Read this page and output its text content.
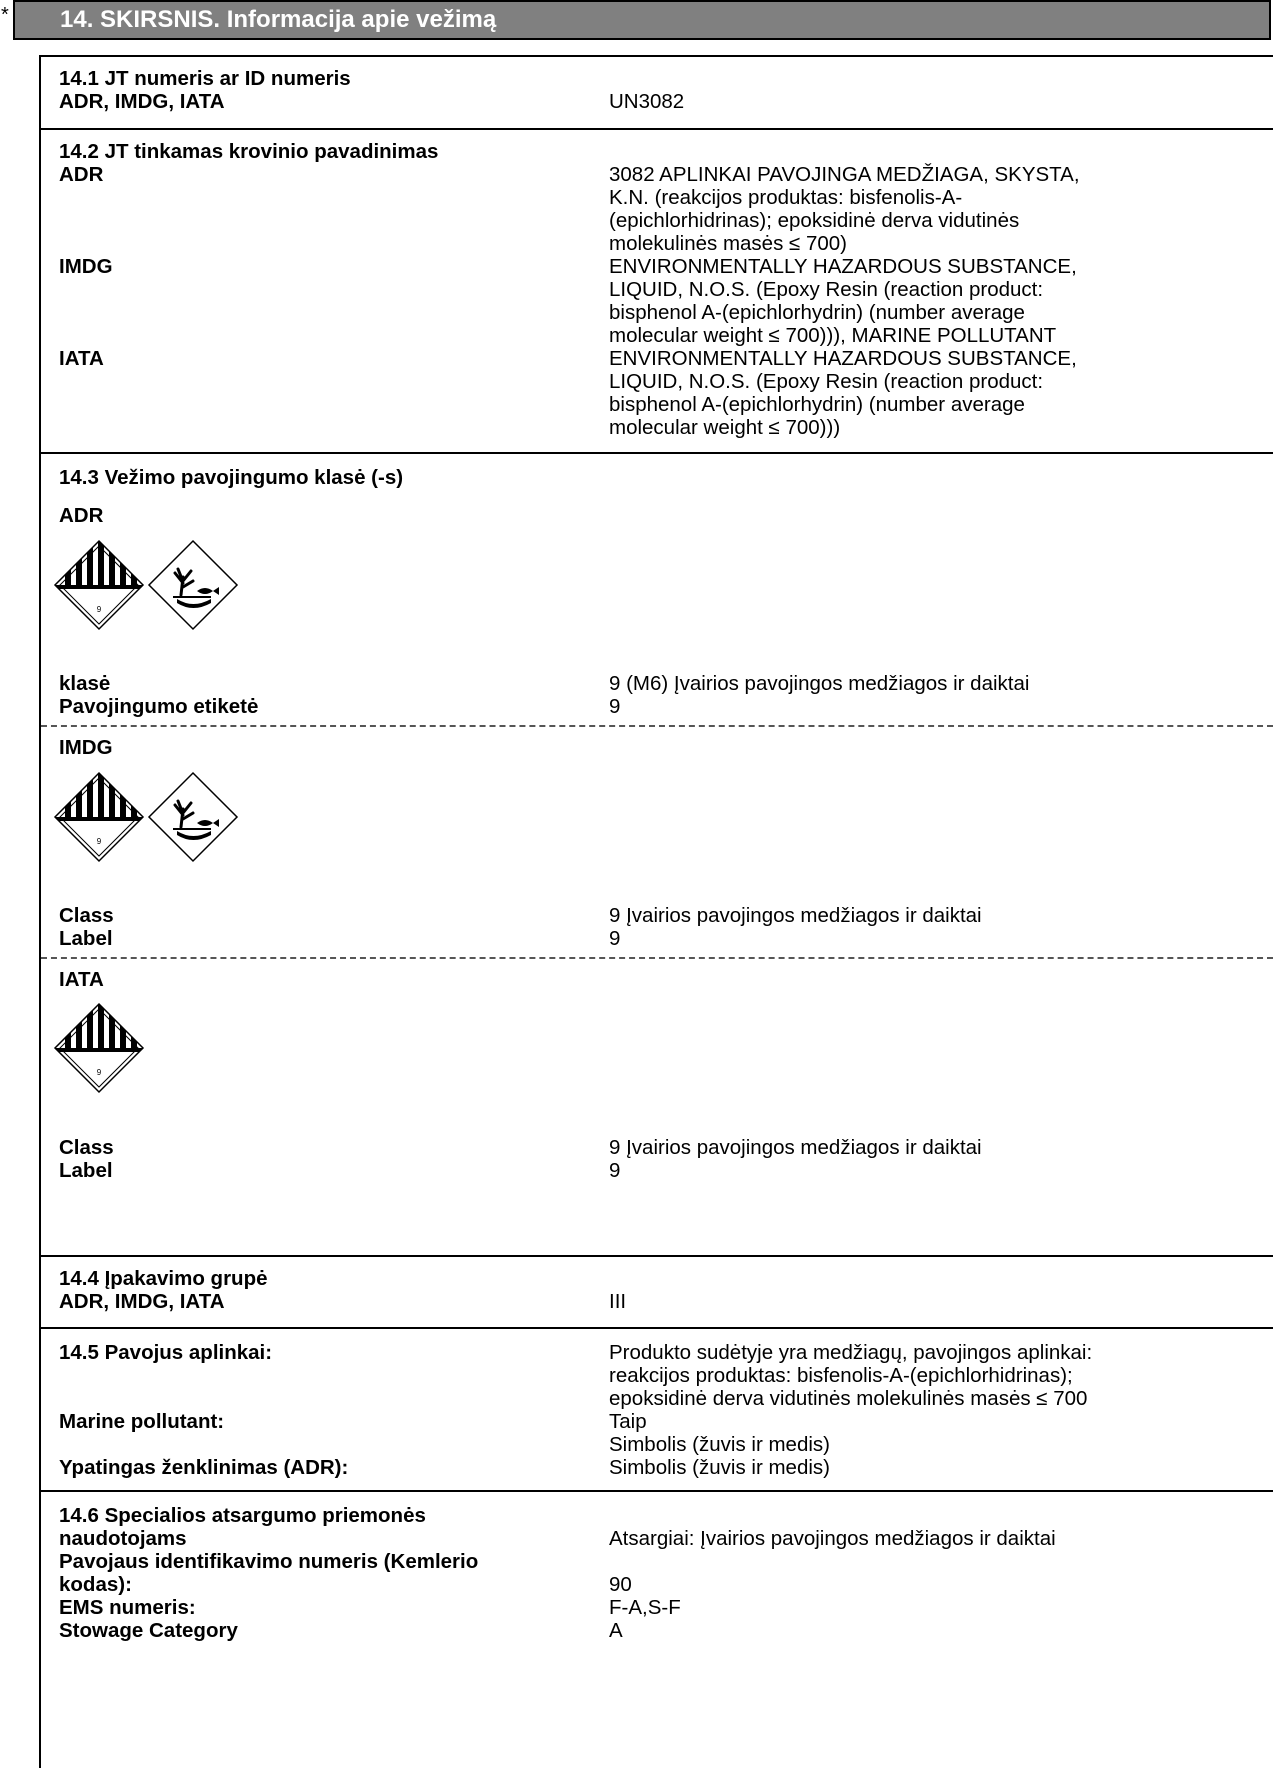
*	14. SKIRSNIS. Informacija apie vežimą
14.1 JT numeris ar ID numeris
ADR, IMDG, IATA	UN3082
14.2 JT tinkamas krovinio pavadinimas
ADR	3082 APLINKAI PAVOJINGA MEDŽIAGA, SKYSTA,
K.N. (reakcijos produktas: bisfenolis-A-
(epichlorhidrinas); epoksidinė derva vidutinės
molekulinės masės ≤ 700)
IMDG	ENVIRONMENTALLY HAZARDOUS SUBSTANCE,
LIQUID, N.O.S. (Epoxy Resin (reaction product:
bisphenol A-(epichlorhydrin) (number average
molecular weight ≤ 700))), MARINE POLLUTANT
IATA	ENVIRONMENTALLY HAZARDOUS SUBSTANCE,
LIQUID, N.O.S. (Epoxy Resin (reaction product:
bisphenol A-(epichlorhydrin) (number average
molecular weight ≤ 700)))
14.3 Vežimo pavojingumo klasė (-s)
ADR
9
klasė	9 (M6) Įvairios pavojingos medžiagos ir daiktai
Pavojingumo etiketė	9
IMDG
9
Class	9 Įvairios pavojingos medžiagos ir daiktai
Label	9
IATA
9
Class	9 Įvairios pavojingos medžiagos ir daiktai
Label	9
14.4 Įpakavimo grupė
ADR, IMDG, IATA	III
14.5 Pavojus aplinkai:	Produkto sudėtyje yra medžiagų, pavojingos aplinkai:
reakcijos produktas: bisfenolis-A-(epichlorhidrinas);
epoksidinė derva vidutinės molekulinės masės ≤ 700
Marine pollutant:	Taip
Simbolis (žuvis ir medis)
Ypatingas ženklinimas (ADR):	Simbolis (žuvis ir medis)
14.6 Specialios atsargumo priemonės
naudotojams	Atsargiai: Įvairios pavojingos medžiagos ir daiktai
Pavojaus identifikavimo numeris (Kemlerio
kodas):	90
EMS numeris:	F-A,S-F
Stowage Category	A
